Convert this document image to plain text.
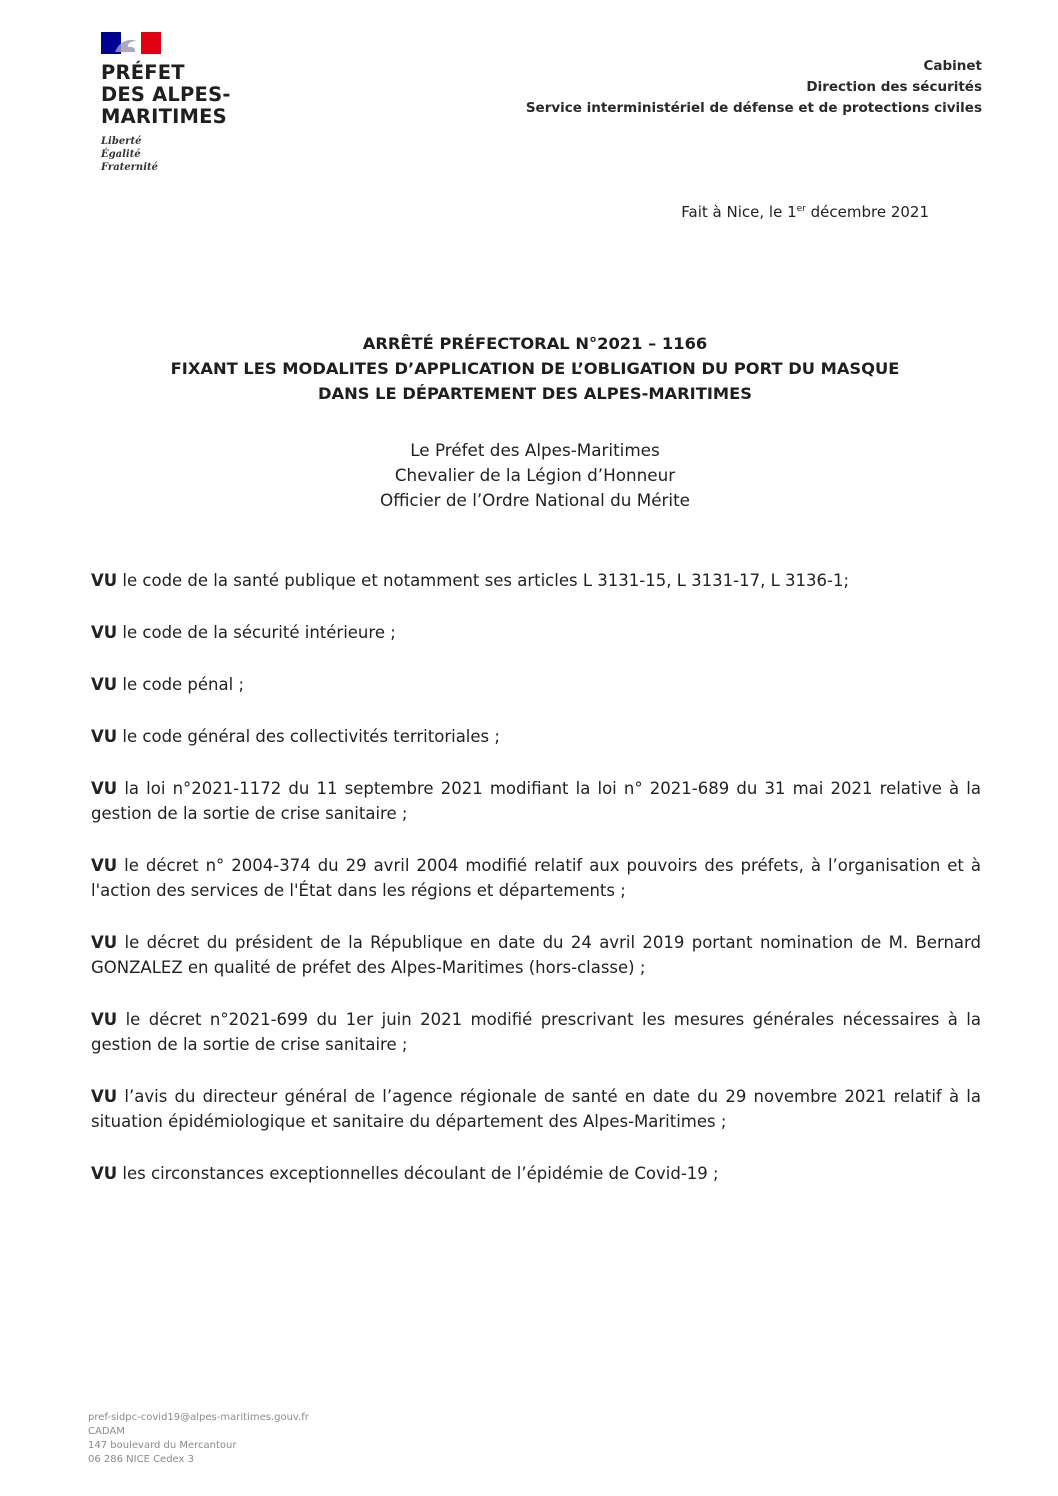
PRÉFET
DES ALPES-
MARITIMES
Liberté
Égalité
Fraternité
Cabinet
Direction des sécurités
Service interministériel de défense et de protections civiles
Fait à Nice, le 1er décembre 2021
ARRÊTÉ PRÉFECTORAL N°2021 – 1166
FIXANT LES MODALITES D’APPLICATION DE L’OBLIGATION DU PORT DU MASQUE
DANS LE DÉPARTEMENT DES ALPES-MARITIMES
Le Préfet des Alpes-Maritimes
Chevalier de la Légion d’Honneur
Officier de l’Ordre National du Mérite

VU le code de la santé publique et notamment ses articles L 3131-15, L 3131-17, L 3136-1;

VU le code de la sécurité intérieure ;

VU le code pénal ;

VU le code général des collectivités territoriales ;

VU la loi n°2021-1172 du 11 septembre 2021 modifiant la loi n° 2021-689 du 31 mai 2021 relative à la gestion de la sortie de crise sanitaire ;

VU le décret n° 2004-374 du 29 avril 2004 modifié relatif aux pouvoirs des préfets, à l’organisation et à l'action des services de l'État dans les régions et départements ;

VU le décret du président de la République en date du 24 avril 2019 portant nomination de M. Bernard GONZALEZ en qualité de préfet des Alpes-Maritimes (hors-classe) ;

VU le décret n°2021-699 du 1er juin 2021 modifié prescrivant les mesures générales nécessaires à la gestion de la sortie de crise sanitaire ;

VU l’avis du directeur général de l’agence régionale de santé en date du 29 novembre 2021 relatif à la situation épidémiologique et sanitaire du département des Alpes-Maritimes ;

VU les circonstances exceptionnelles découlant de l’épidémie de Covid-19 ;

pref-sidpc-covid19@alpes-maritimes.gouv.fr
CADAM
147 boulevard du Mercantour
06 286 NICE Cedex 3
